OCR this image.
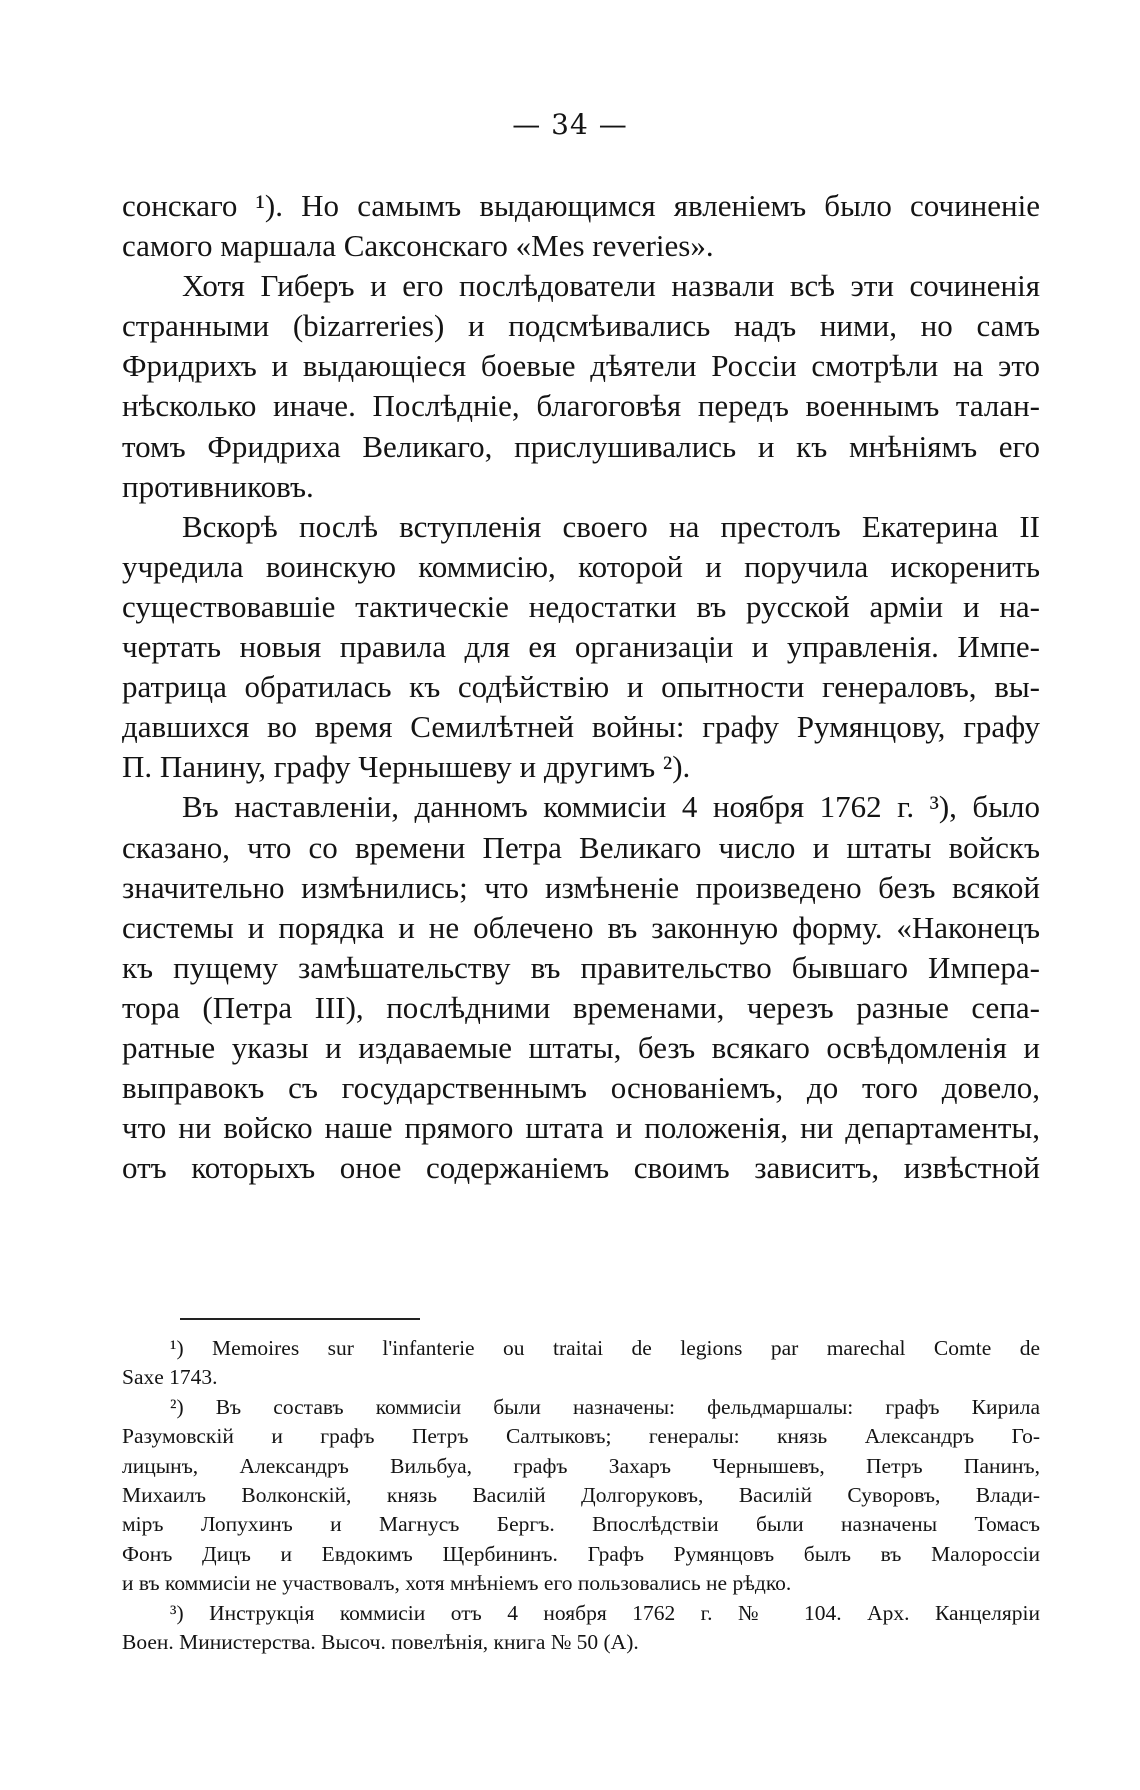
— 34 —
сонскаго ¹). Но самымъ выдающимся явленіемъ было сочиненіе
самого маршала Саксонскаго «Mes reveries».
Хотя Гиберъ и его послѣдователи назвали всѣ эти сочиненія
странными (bizarreries) и подсмѣивались надъ ними, но самъ
Фридрихъ и выдающіеся боевые дѣятели Россіи смотрѣли на это
нѣсколько иначе. Послѣдніе, благоговѣя передъ военнымъ талан-
томъ Фридриха Великаго, прислушивались и къ мнѣніямъ его
противниковъ.
Вскорѣ послѣ вступленія своего на престолъ Екатерина II
учредила воинскую коммисію, которой и поручила искоренить
существовавшіе тактическіе недостатки въ русской арміи и на-
чертать новыя правила для ея организаціи и управленія. Импе-
ратрица обратилась къ содѣйствію и опытности генераловъ, вы-
давшихся во время Семилѣтней войны: графу Румянцову, графу
П. Панину, графу Чернышеву и другимъ ²).
Въ наставленіи, данномъ коммисіи 4 ноября 1762 г. ³), было
сказано, что со времени Петра Великаго число и штаты войскъ
значительно измѣнились; что измѣненіе произведено безъ всякой
системы и порядка и не облечено въ законную форму. «Наконецъ
къ пущему замѣшательству въ правительство бывшаго Импера-
тора (Петра III), послѣдними временами, черезъ разные сепа-
ратные указы и издаваемые штаты, безъ всякаго освѣдомленія и
выправокъ съ государственнымъ основаніемъ, до того довело,
что ни войско наше прямого штата и положенія, ни департаменты,
отъ которыхъ оное содержаніемъ своимъ зависитъ, извѣстной
¹) Memoires sur l'infanterie ou traitai de legions par marechal Comte de
Saxe 1743.
²) Въ составъ коммисіи были назначены: фельдмаршалы: графъ Кирила
Разумовскій и графъ Петръ Салтыковъ; генералы: князь Александръ Го-
лицынъ, Александръ Вильбуа, графъ Захаръ Чернышевъ, Петръ Панинъ,
Михаилъ Волконскій, князь Василій Долгоруковъ, Василій Суворовъ, Влади-
міръ Лопухинъ и Магнусъ Бергъ. Впослѣдствіи были назначены Томасъ
Фонъ Дицъ и Евдокимъ Щербининъ. Графъ Румянцовъ былъ въ Малороссіи
и въ коммисіи не участвовалъ, хотя мнѣніемъ его пользовались не рѣдко.
³) Инструкція коммисіи отъ 4 ноября 1762 г. № 104. Арх. Канцеляріи
Воен. Министерства. Высоч. повелѣнія, книга № 50 (А).
